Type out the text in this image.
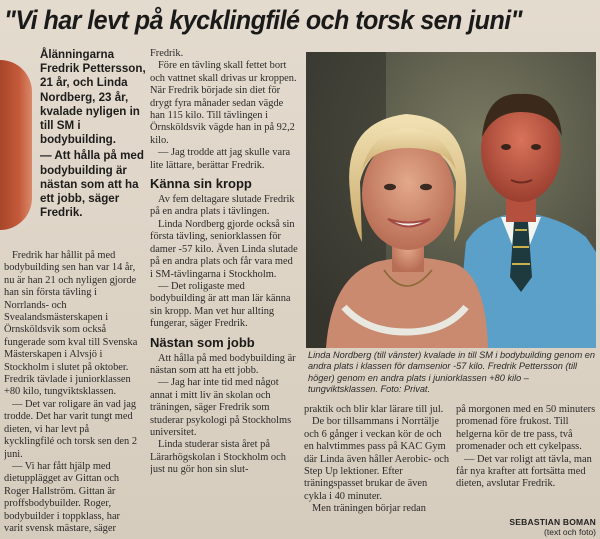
"Vi har levt på kycklingfilé och torsk sen juni"

Ålänningarna Fredrik Pettersson, 21 år, och Linda Nordberg, 23 år, kvalade nyligen in till SM i bodybuilding.

— Att hålla på med bodybuilding är nästan som att ha ett jobb, säger Fredrik.

Fredrik har hållit på med bodybuilding sen han var 14 år, nu är han 21 och nyligen gjorde han sin första tävling i Norrlands- och Svealandsmästerskapen i Örnsköldsvik som också fungerade som kval till Svenska Mästerskapen i Alvsjö i Stockholm i slutet på oktober. Fredrik tävlade i juniorklassen +80 kilo, tungviktsklassen.

— Det var roligare än vad jag trodde. Det har varit tungt med dieten, vi har levt på kycklingfilé och torsk sen den 2 juni.

— Vi har fått hjälp med dietupplägget av Gittan och Roger Hallström. Gittan är proffsbodybuilder. Roger, bodybuilder i toppklass, har varit svensk mästare, säger

Fredrik.

Före en tävling skall fettet bort och vattnet skall drivas ur kroppen. När Fredrik började sin diet för drygt fyra månader sedan vägde han 115 kilo. Till tävlingen i Örnsköldsvik vägde han in på 92,2 kilo.

— Jag trodde att jag skulle vara lite lättare, berättar Fredrik.

Känna sin kropp

Av fem deltagare slutade Fredrik på en andra plats i tävlingen.

Linda Nordberg gjorde också sin första tävling, seniorklassen för damer -57 kilo. Även Linda slutade på en andra plats och får vara med i SM-tävlingarna i Stockholm.

— Det roligaste med bodybuilding är att man lär känna sin kropp. Man vet hur allting fungerar, säger Fredrik.

Nästan som jobb

Att hålla på med bodybuilding är nästan som att ha ett jobb.

— Jag har inte tid med något annat i mitt liv än skolan och träningen, säger Fredrik som studerar psykologi på Stockholms universitet.

Linda studerar sista året på Lärarhögskolan i Stockholm och just nu gör hon sin slut-

Linda Nordberg (till vänster) kvalade in till SM i bodybuilding genom en andra plats i klassen för damsenior -57 kilo. Fredrik Pettersson (till höger) genom en andra plats i juniorklassen +80 kilo – tungviktsklassen. Foto: Privat.

praktik och blir klar lärare till jul.

De bor tillsammans i Norrtälje och 6 gånger i veckan kör de och en halvtimmes pass på KAC Gym där Linda även håller Aerobic- och Step Up lektioner. Efter träningspasset brukar de även cykla i 40 minuter.

Men träningen börjar redan

på morgonen med en 50 minuters promenad före frukost. Till helgerna kör de tre pass, två promenader och ett cykelpass.

— Det var roligt att tävla, man får nya krafter att fortsätta med dieten, avslutar Fredrik.

SEBASTIAN BOMAN
(text och foto)
